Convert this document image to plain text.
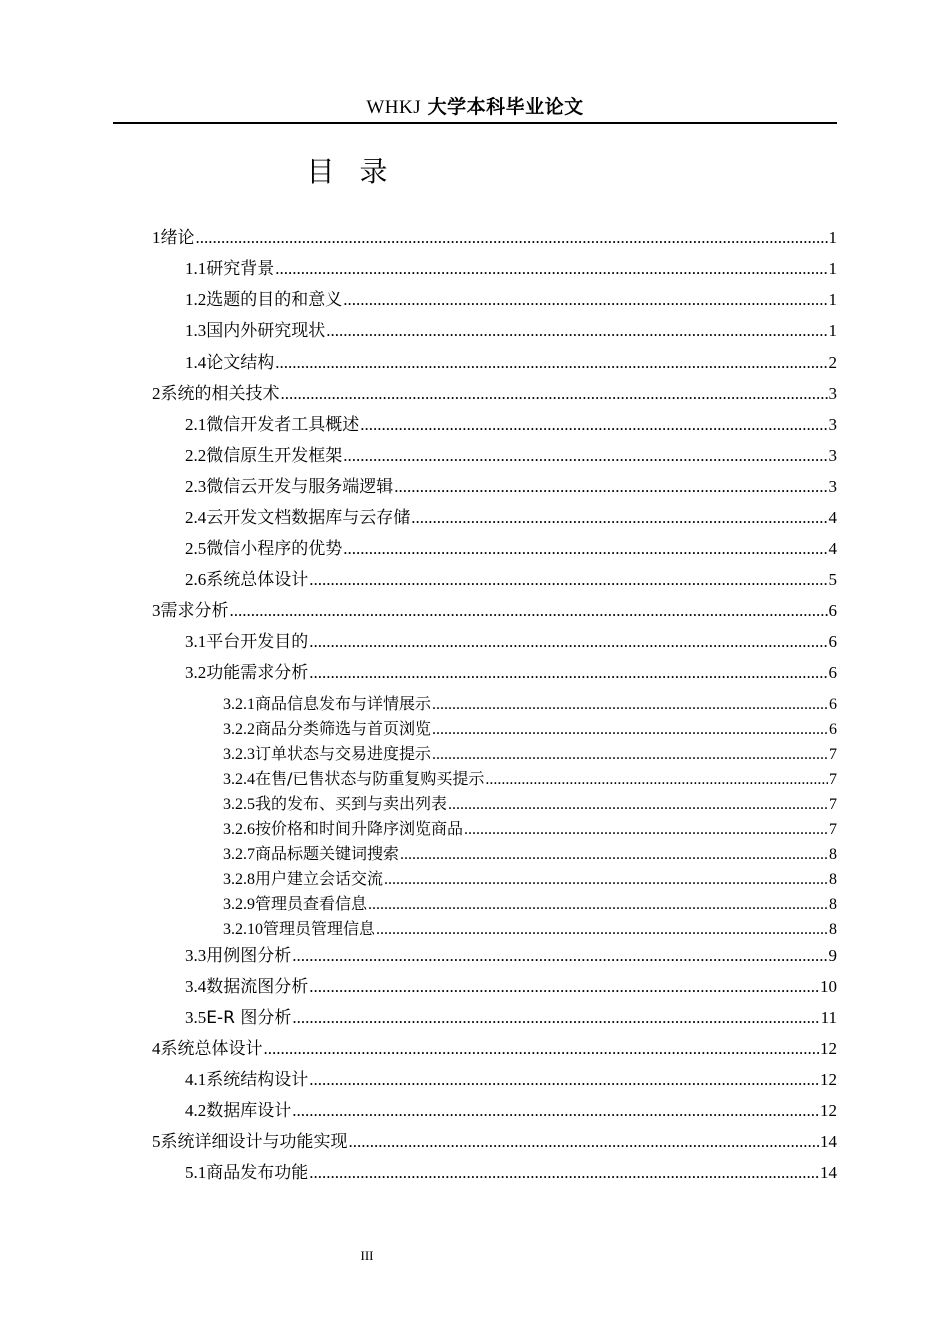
WHKJ 大学本科毕业论文
目 录
1 绪论 .....	1
1.1 研究背景 .....	1
1.2 选题的目的和意义 .....	1
1.3 国内外研究现状 .....	1
1.4 论文结构 .....	2
2 系统的相关技术 .....	3
2.1 微信开发者工具概述 .....	3
2.2 微信原生开发框架 .....	3
2.3 微信云开发与服务端逻辑 .....	3
2.4 云开发文档数据库与云存储 .....	4
2.5 微信小程序的优势 .....	4
2.6 系统总体设计 .....	5
3 需求分析 .....	6
3.1 平台开发目的 .....	6
3.2 功能需求分析 .....	6
3.2.1 商品信息发布与详情展示 .....	6
3.2.2 商品分类筛选与首页浏览 .....	6
3.2.3 订单状态与交易进度提示 .....	7
3.2.4 在售/已售状态与防重复购买提示 .....	7
3.2.5 我的发布、买到与卖出列表 .....	7
3.2.6 按价格和时间升降序浏览商品 .....	7
3.2.7 商品标题关键词搜索 .....	8
3.2.8 用户建立会话交流 .....	8
3.2.9 管理员查看信息 .....	8
3.2.10 管理员管理信息 .....	8
3.3 用例图分析 .....	9
3.4 数据流图分析 .....	10
3.5 E-R 图分析 .....	11
4 系统总体设计 .....	12
4.1 系统结构设计 .....	12
4.2 数据库设计 .....	12
5 系统详细设计与功能实现 .....	14
5.1 商品发布功能 .....	14
III
